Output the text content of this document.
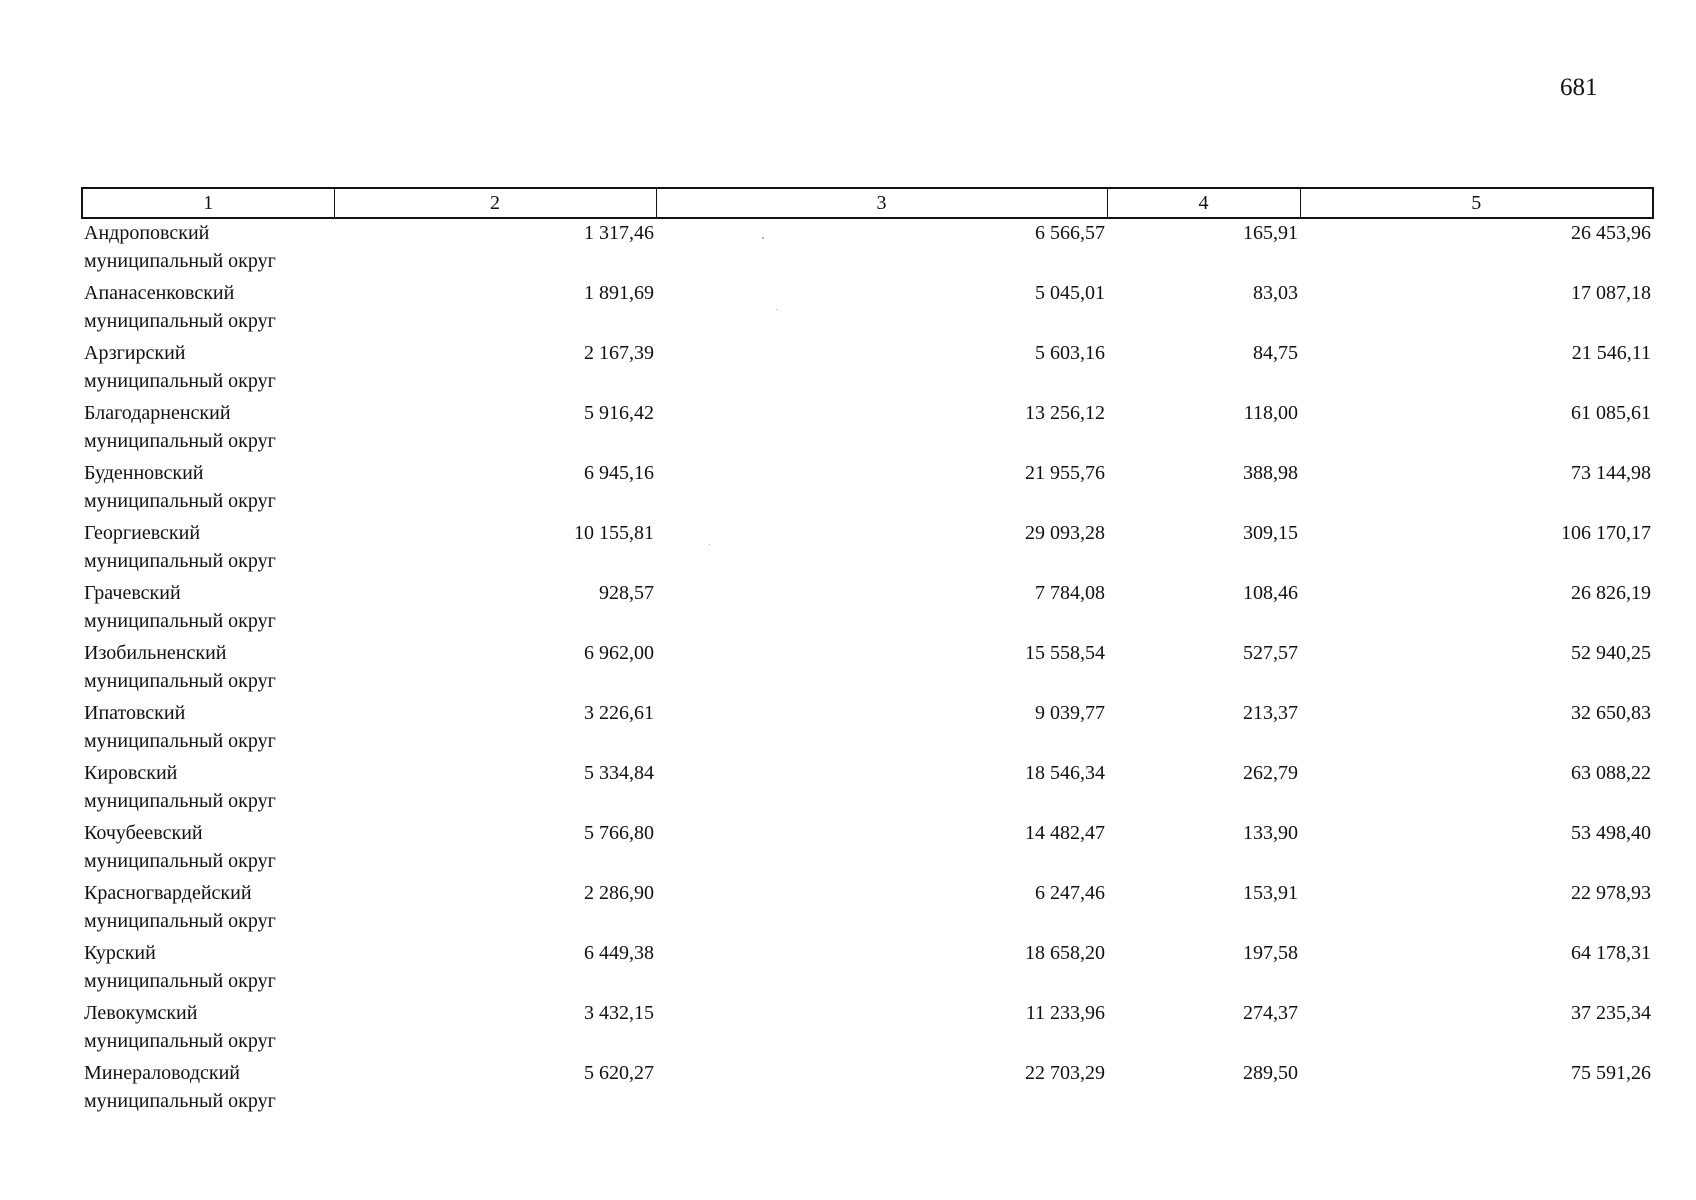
681
1	2	3	4	5

Андроповский
муниципальный округ	1 317,46	6 566,57	165,91	26 453,96

Апанасенковский
муниципальный округ	1 891,69	5 045,01	83,03	17 087,18

Арзгирский
муниципальный округ	2 167,39	5 603,16	84,75	21 546,11

Благодарненский
муниципальный округ	5 916,42	13 256,12	118,00	61 085,61

Буденновский
муниципальный округ	6 945,16	21 955,76	388,98	73 144,98

Георгиевский
муниципальный округ	10 155,81	29 093,28	309,15	106 170,17

Грачевский
муниципальный округ	928,57	7 784,08	108,46	26 826,19

Изобильненский
муниципальный округ	6 962,00	15 558,54	527,57	52 940,25

Ипатовский
муниципальный округ	3 226,61	9 039,77	213,37	32 650,83

Кировский
муниципальный округ	5 334,84	18 546,34	262,79	63 088,22

Кочубеевский
муниципальный округ	5 766,80	14 482,47	133,90	53 498,40

Красногвардейский
муниципальный округ	2 286,90	6 247,46	153,91	22 978,93

Курский
муниципальный округ	6 449,38	18 658,20	197,58	64 178,31

Левокумский
муниципальный округ	3 432,15	11 233,96	274,37	37 235,34

Минераловодский
муниципальный округ	5 620,27	22 703,29	289,50	75 591,26
